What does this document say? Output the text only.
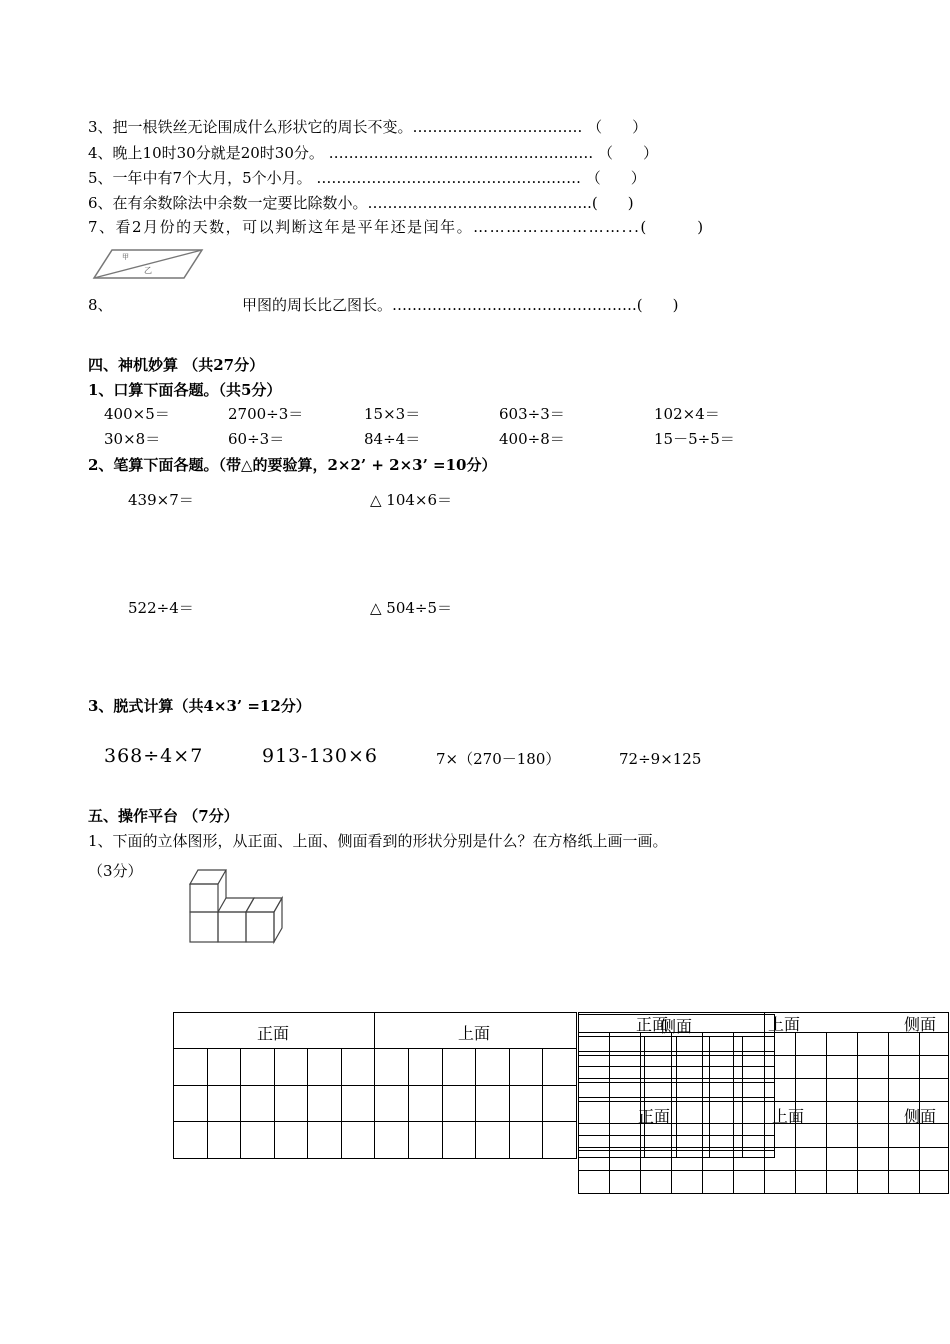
3、把一根铁丝无论围成什么形状它的周长不变。……………………………. （　　）
4、晚上10时30分就是20时30分。 ………………………………………….…. （　　）
5、一年中有7个大月，5个小月。 ……………………………………….……. （　　）
6、在有余数除法中余数一定要比除数小。……………………………………...(　　)
7、看2月份的天数，可以判断这年是平年还是闰年。………………………...(　　　)
甲
乙
8、	甲图的周长比乙图长。………………………………………….(　　)
四、神机妙算 （共27分）
1、口算下面各题。（共5分）
400×5＝	2700÷3＝	15×3＝	603÷3＝	102×4＝
30×8＝	60÷3＝	84÷4＝	400÷8＝	15－5÷5＝
2、笔算下面各题。（带△的要验算，2×2’ + 2×3’ =10分）
439×7＝	△ 104×6＝
522÷4＝	△ 504÷5＝
3、脱式计算（共4×3’ =12分）
368÷4×7	913-130×6	7×（270－180）	72÷9×125
五、操作平台 （7分）
1、下面的立体图形，从正面、上面、侧面看到的形状分别是什么？在方格纸上画一画。
（3分）

正面	上面	正面
侧面	上面	侧面
正面	上面	侧面
